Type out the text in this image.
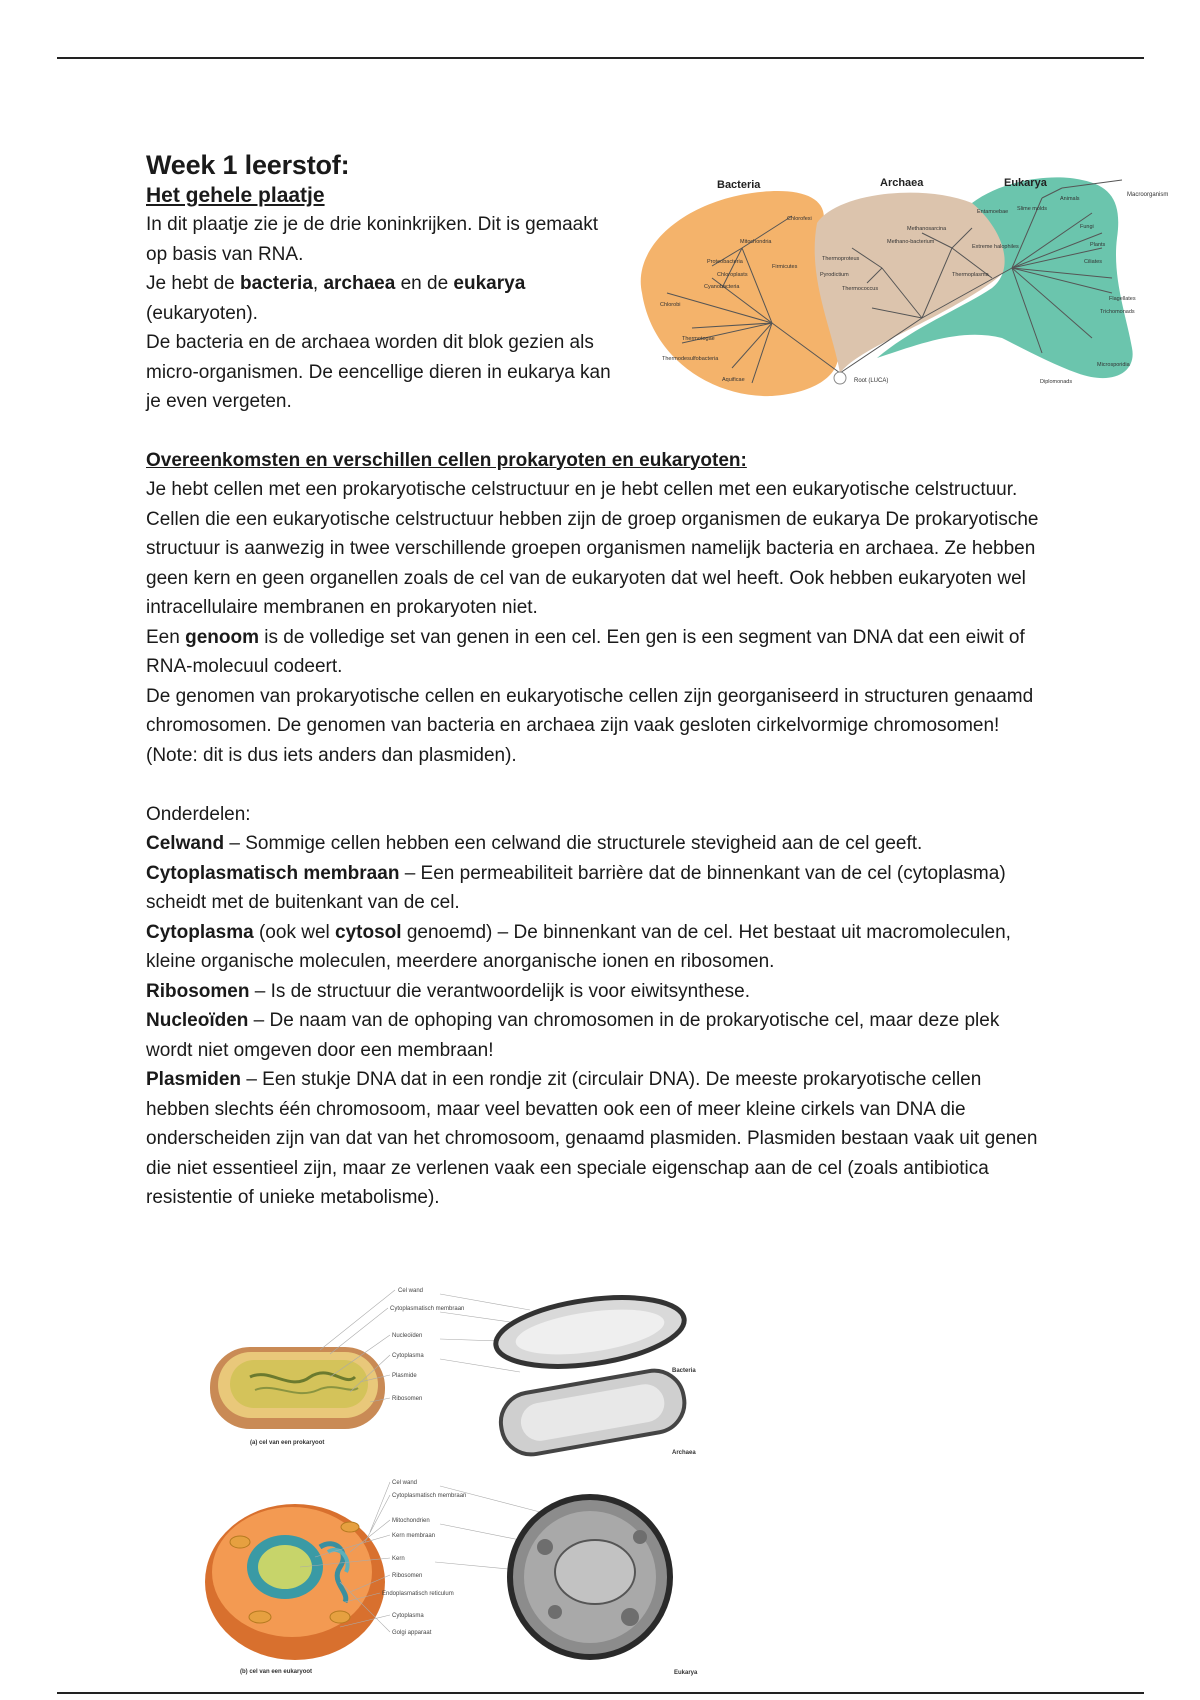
Week 1 leerstof:
Het gehele plaatje

In dit plaatje zie je de drie koninkrijken. Dit is gemaakt op basis van RNA.

Je hebt de bacteria, archaea en de eukarya (eukaryoten).

De bacteria en de archaea worden dit blok gezien als micro-organismen. De eencellige dieren in eukarya kan je even vergeten.

Overeenkomsten en verschillen cellen prokaryoten en eukaryoten:

Je hebt cellen met een prokaryotische celstructuur en je hebt cellen met een eukaryotische celstructuur. Cellen die een eukaryotische celstructuur hebben zijn de groep organismen de eukarya De prokaryotische structuur is aanwezig in twee verschillende groepen organismen namelijk bacteria en archaea. Ze hebben geen kern en geen organellen zoals de cel van de eukaryoten dat wel heeft. Ook hebben eukaryoten wel intracellulaire membranen en prokaryoten niet.

Een genoom is de volledige set van genen in een cel. Een gen is een segment van DNA dat een eiwit of RNA-molecuul codeert.

De genomen van prokaryotische cellen en eukaryotische cellen zijn georganiseerd in structuren genaamd chromosomen. De genomen van bacteria en archaea zijn vaak gesloten cirkelvormige chromosomen! (Note: dit is dus iets anders dan plasmiden).

Onderdelen:

Celwand – Sommige cellen hebben een celwand die structurele stevigheid aan de cel geeft.

Cytoplasmatisch membraan – Een permeabiliteit barrière dat de binnenkant van de cel (cytoplasma) scheidt met de buitenkant van de cel.

Cytoplasma (ook wel cytosol genoemd) – De binnenkant van de cel. Het bestaat uit macromoleculen, kleine organische moleculen, meerdere anorganische ionen en ribosomen.

Ribosomen – Is de structuur die verantwoordelijk is voor eiwitsynthese.

Nucleoïden – De naam van de ophoping van chromosomen in de prokaryotische cel, maar deze plek wordt niet omgeven door een membraan!

Plasmiden – Een stukje DNA dat in een rondje zit (circulair DNA). De meeste prokaryotische cellen hebben slechts één chromosoom, maar veel bevatten ook een of meer kleine cirkels van DNA die onderscheiden zijn van dat van het chromosoom, genaamd plasmiden. Plasmiden bestaan vaak uit genen die niet essentieel zijn, maar ze verlenen vaak een speciale eigenschap aan de cel (zoals antibiotica resistentie of unieke metabolisme).

Bacteria	Archaea	Eukarya
Macroorganism
Root (LUCA)
Chlorofexi
Mitochondria
Proteobacteria
Firmicutes
Chloroplasts
Cyanobacteria
Chlorobi
Thermotogae
Thermodesulfobacteria
Aquificae
Methanosarcina
Methano-bacterium
Thermoproteus
Pyrodictium
Thermococcus
Thermoplasma
Entamoebae Slime molds
Animals
Extreme halophiles
Fungi
Plants
Ciliates
Flagellates
Trichomonads
Microsporidia
Diplomonads
Cel wand
Cytoplasmatisch membraan
Nucleoïden
Cytoplasma
Plasmide
Ribosomen
(a) cel van een prokaryoot
Bacteria
Archaea
Cel wand
Cytoplasmatisch membraan
Mitochondrien
Kern membraan
Kern
Ribosomen
Endoplasmatisch reticulum
Cytoplasma
Golgi apparaat
(b) cel van een eukaryoot	Eukarya
